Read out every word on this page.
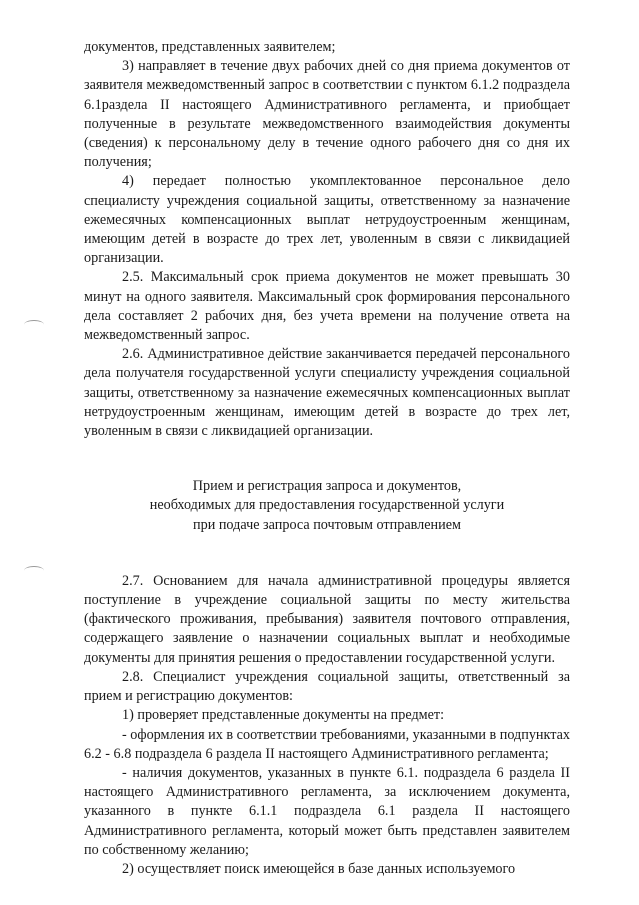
документов, представленных заявителем;

3) направляет в течение двух рабочих дней со дня приема документов от заявителя межведомственный запрос в соответствии с пунктом 6.1.2 подраздела 6.1раздела II настоящего Административного регламента, и приобщает полученные в результате межведомственного взаимодействия документы (сведения) к персональному делу в течение одного рабочего дня со дня их получения;

4) передает полностью укомплектованное персональное дело специалисту учреждения социальной защиты, ответственному за назначение ежемесячных компенсационных выплат нетрудоустроенным женщинам, имеющим детей в возрасте до трех лет, уволенным в связи с ликвидацией организации.

2.5. Максимальный срок приема документов не может превышать 30 минут на одного заявителя. Максимальный срок формирования персонального дела составляет 2 рабочих дня, без учета времени на получение ответа на межведомственный запрос.

2.6. Административное действие заканчивается передачей персонального дела получателя государственной услуги специалисту учреждения социальной защиты, ответственному за назначение ежемесячных компенсационных выплат нетрудоустроенным женщинам, имеющим детей в возрасте до трех лет, уволенным в связи с ликвидацией организации.

Прием и регистрация запроса и документов,
необходимых для предоставления государственной услуги
при подаче запроса почтовым отправлением

2.7. Основанием для начала административной процедуры является поступление в учреждение социальной защиты по месту жительства (фактического проживания, пребывания) заявителя почтового отправления, содержащего заявление о назначении социальных выплат и необходимые документы для принятия решения о предоставлении государственной услуги.

2.8. Специалист учреждения социальной защиты, ответственный за прием и регистрацию документов:

1) проверяет представленные документы на предмет:

- оформления их в соответствии требованиями, указанными в подпунктах 6.2 - 6.8 подраздела 6 раздела II настоящего Административного регламента;

- наличия документов, указанных в пункте 6.1. подраздела 6 раздела II настоящего Административного регламента, за исключением документа, указанного в пункте 6.1.1 подраздела 6.1 раздела II настоящего Административного регламента, который может быть представлен заявителем по собственному желанию;

2) осуществляет поиск имеющейся в базе данных используемого
